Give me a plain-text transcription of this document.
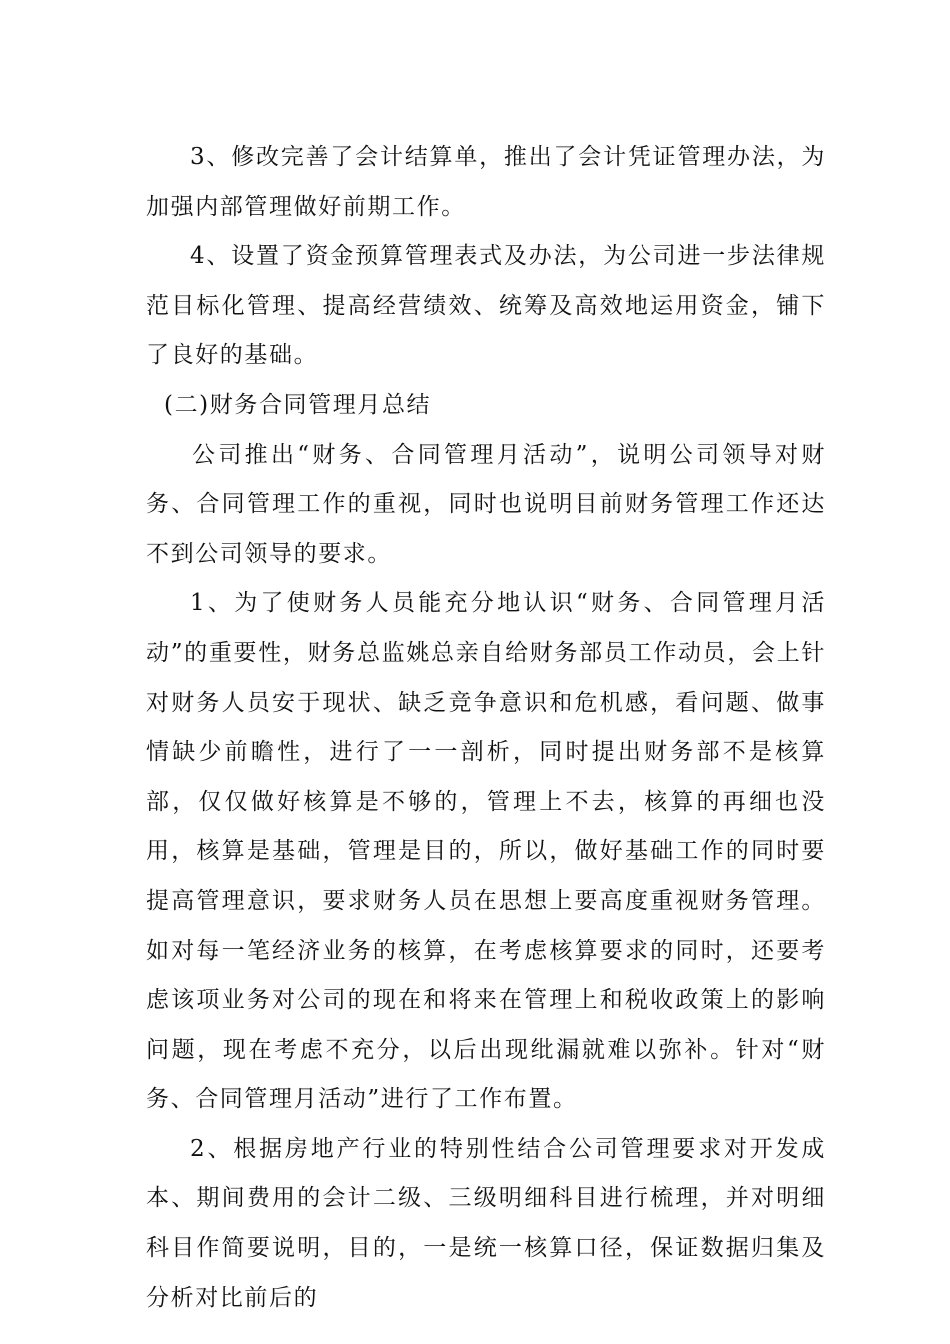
3、修改完善了会计结算单，推出了会计凭证管理办法，为加强内部管理做好前期工作。

4、设置了资金预算管理表式及办法，为公司进一步法律规范目标化管理、提高经营绩效、统筹及高效地运用资金，铺下了良好的基础。

(二)财务合同管理月总结

公司推出“财务、合同管理月活动”，说明公司领导对财务、合同管理工作的重视，同时也说明目前财务管理工作还达不到公司领导的要求。

1、为了使财务人员能充分地认识“财务、合同管理月活动”的重要性，财务总监姚总亲自给财务部员工作动员，会上针对财务人员安于现状、缺乏竞争意识和危机感，看问题、做事情缺少前瞻性，进行了一一剖析，同时提出财务部不是核算部，仅仅做好核算是不够的，管理上不去，核算的再细也没用，核算是基础，管理是目的，所以，做好基础工作的同时要提高管理意识，要求财务人员在思想上要高度重视财务管理。如对每一笔经济业务的核算，在考虑核算要求的同时，还要考虑该项业务对公司的现在和将来在管理上和税收政策上的影响问题，现在考虑不充分，以后出现纰漏就难以弥补。针对“财务、合同管理月活动”进行了工作布置。

2、根据房地产行业的特别性结合公司管理要求对开发成本、期间费用的会计二级、三级明细科目进行梳理，并对明细科目作简要说明，目的，一是统一核算口径，保证数据归集及分析对比前后的
